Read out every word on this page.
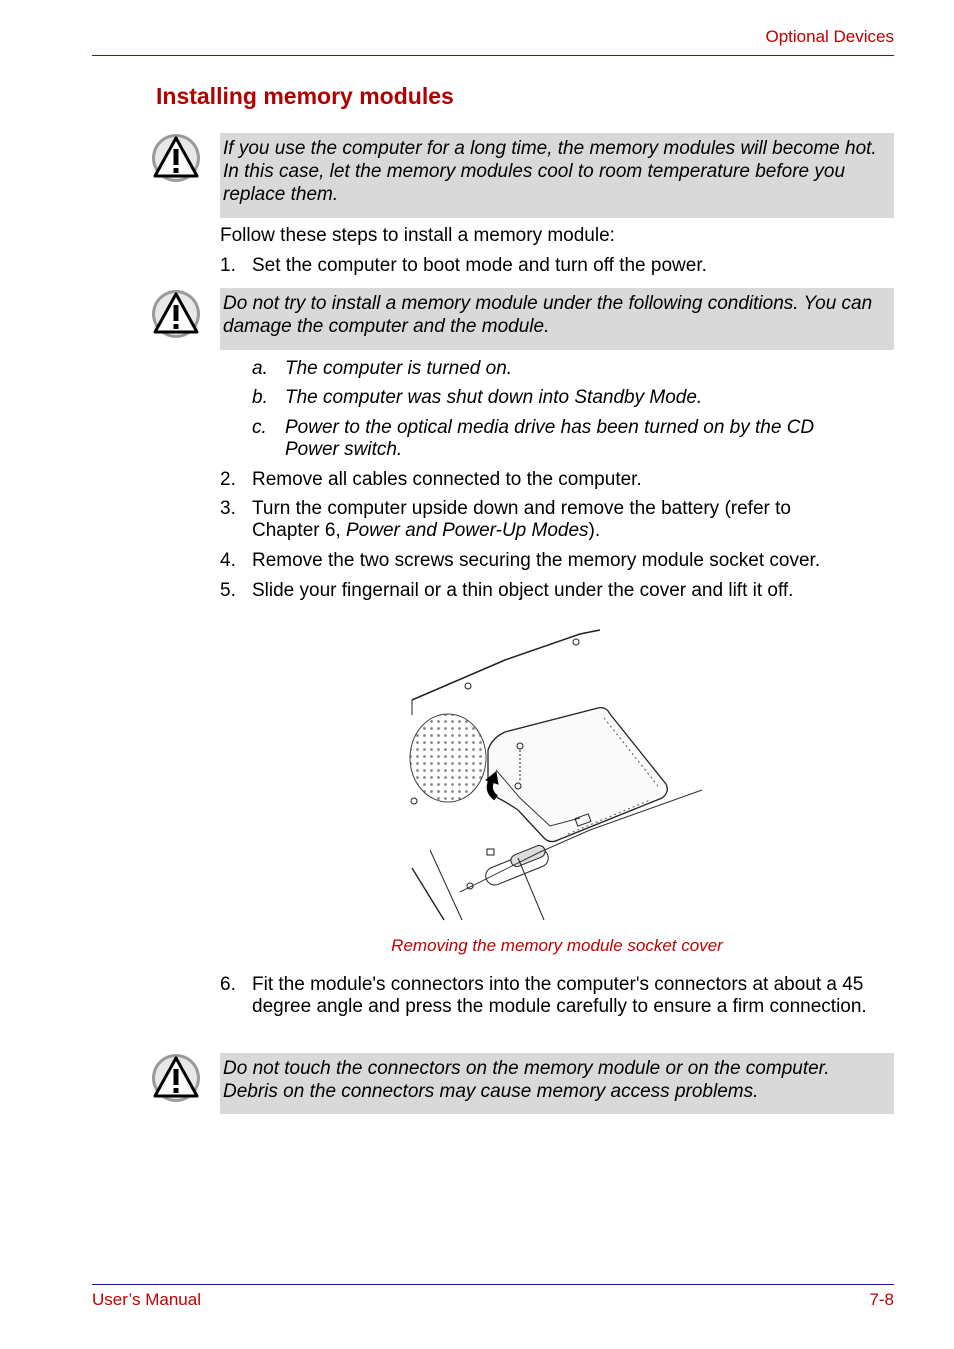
Optional Devices
Installing memory modules
If you use the computer for a long time, the memory modules will become hot. In this case, let the memory modules cool to room temperature before you replace them.
Follow these steps to install a memory module:
1. Set the computer to boot mode and turn off the power.
Do not try to install a memory module under the following conditions. You can damage the computer and the module.
a. The computer is turned on.
b. The computer was shut down into Standby Mode.
c. Power to the optical media drive has been turned on by the CD Power switch.
2. Remove all cables connected to the computer.
3. Turn the computer upside down and remove the battery (refer to Chapter 6, Power and Power-Up Modes).
4. Remove the two screws securing the memory module socket cover.
5. Slide your fingernail or a thin object under the cover and lift it off.
Removing the memory module socket cover
6. Fit the module's connectors into the computer's connectors at about a 45 degree angle and press the module carefully to ensure a firm connection.
Do not touch the connectors on the memory module or on the computer. Debris on the connectors may cause memory access problems.
User’s Manual	7-8
